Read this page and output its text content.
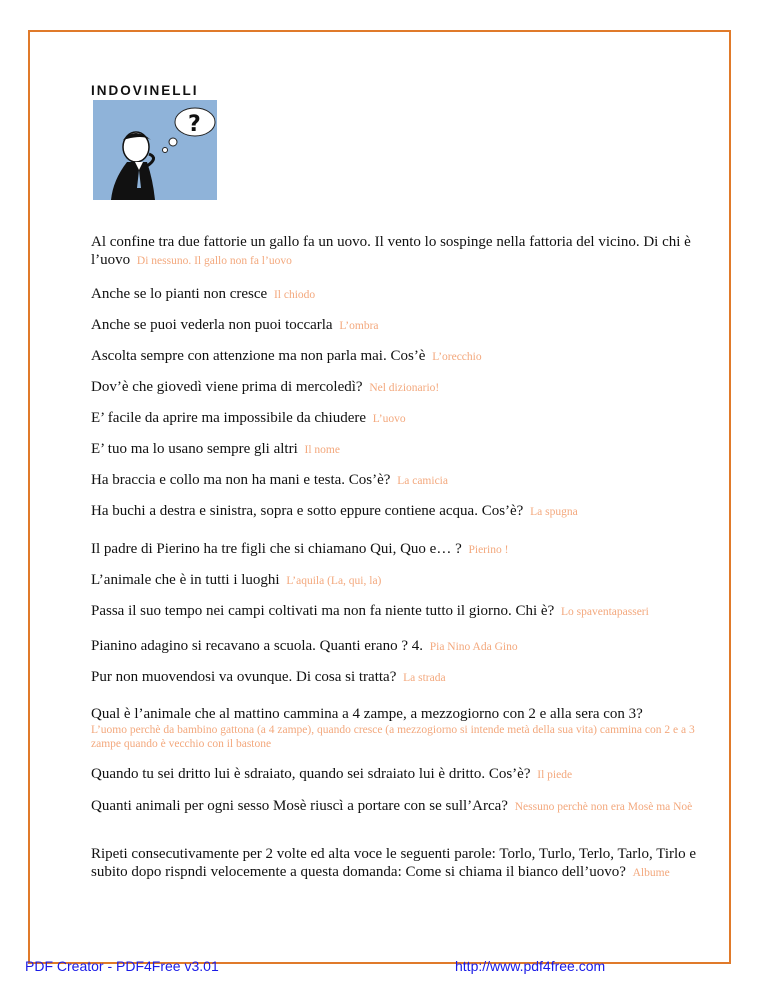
INDOVINELLI
?
Al confine tra due fattorie un gallo fa un uovo. Il vento lo sospinge nella fattoria del vicino. Di chi è l’uovo Di nessuno. Il gallo non fa l’uovo
Anche se lo pianti non cresce Il chiodo
Anche se puoi vederla non puoi toccarla L’ombra
Ascolta sempre con attenzione ma non parla mai. Cos’è L’orecchio
Dov’è che giovedì viene prima di mercoledì? Nel dizionario!
E’ facile da aprire ma impossibile da chiudere L’uovo
E’ tuo ma lo usano sempre gli altri Il nome
Ha braccia e collo ma non ha mani e testa. Cos’è? La camicia
Ha buchi a destra e sinistra, sopra e sotto eppure contiene acqua. Cos’è? La spugna
Il padre di Pierino ha tre figli che si chiamano Qui, Quo e… ? Pierino !
L’animale che è in tutti i luoghi L’aquila (La, qui, la)
Passa il suo tempo nei campi coltivati ma non fa niente tutto il giorno. Chi è? Lo spaventapasseri
Pianino adagino si recavano a scuola. Quanti erano ? 4. Pia Nino Ada Gino
Pur non muovendosi va ovunque. Di cosa si tratta? La strada
Qual è l’animale che al mattino cammina a 4 zampe, a mezzogiorno con 2 e alla sera con 3?
L’uomo perchè da bambino gattona (a 4 zampe), quando cresce (a mezzogiorno si intende metà della sua vita) cammina con 2 e a 3 zampe quando è vecchio con il bastone
Quando tu sei dritto lui è sdraiato, quando sei sdraiato lui è dritto. Cos’è? Il piede
Quanti animali per ogni sesso Mosè riuscì a portare con se sull’Arca? Nessuno perchè non era Mosè ma Noè
Ripeti consecutivamente per 2 volte ed alta voce le seguenti parole: Torlo, Turlo, Terlo, Tarlo, Tirlo e subito dopo rispndi velocemente a questa domanda: Come si chiama il bianco dell’uovo? Albume
PDF Creator - PDF4Free v3.01	http://www.pdf4free.com
